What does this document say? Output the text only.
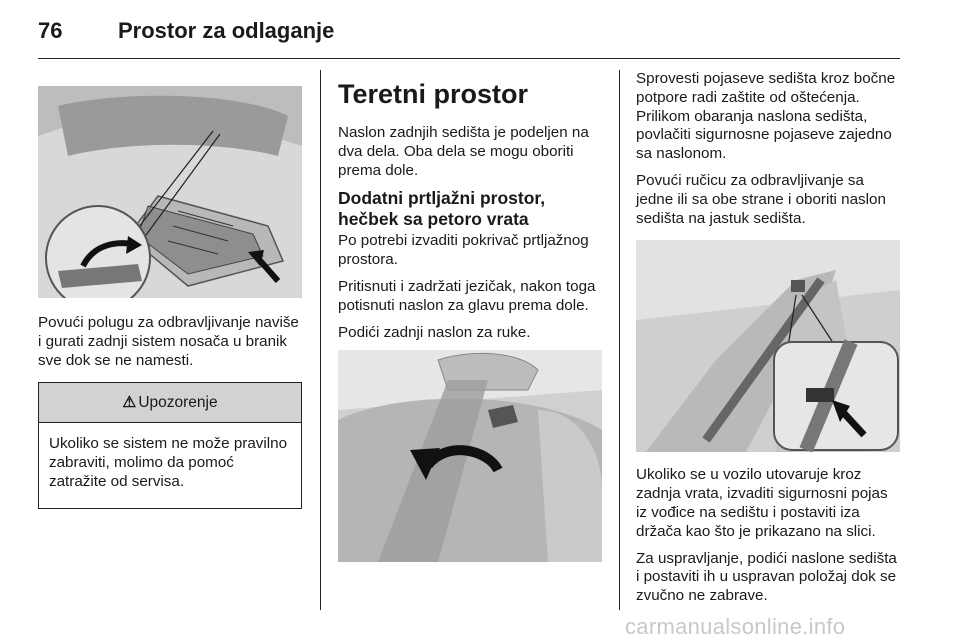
76	Prostor za odlaganje

Povući polugu za odbravljivanje naviše i gurati zadnji sistem nosača u branik sve dok se ne namesti.

⚠ Upozorenje

Ukoliko se sistem ne može pravilno zabraviti, molimo da pomoć zatražite od servisa.

Teretni prostor

Naslon zadnjih sedišta je podeljen na dva dela. Oba dela se mogu oboriti prema dole.

Dodatni prtljažni prostor, hečbek sa petoro vrata

Po potrebi izvaditi pokrivač prtljažnog prostora.

Pritisnuti i zadržati jezičak, nakon toga potisnuti naslon za glavu prema dole.

Podići zadnji naslon za ruke.

Sprovesti pojaseve sedišta kroz bočne potpore radi zaštite od oštećenja. Prilikom obaranja naslona sedišta, povlačiti sigurnosne pojaseve zajedno sa naslonom.

Povući ručicu za odbravljivanje sa jedne ili sa obe strane i oboriti naslon sedišta na jastuk sedišta.

Ukoliko se u vozilo utovaruje kroz zadnja vrata, izvaditi sigurnosni pojas iz vođice na sedištu i postaviti iza držača kao što je prikazano na slici.

Za uspravljanje, podići naslone sedišta i postaviti ih u uspravan položaj dok se zvučno ne zabrave.

carmanualsonline.info
